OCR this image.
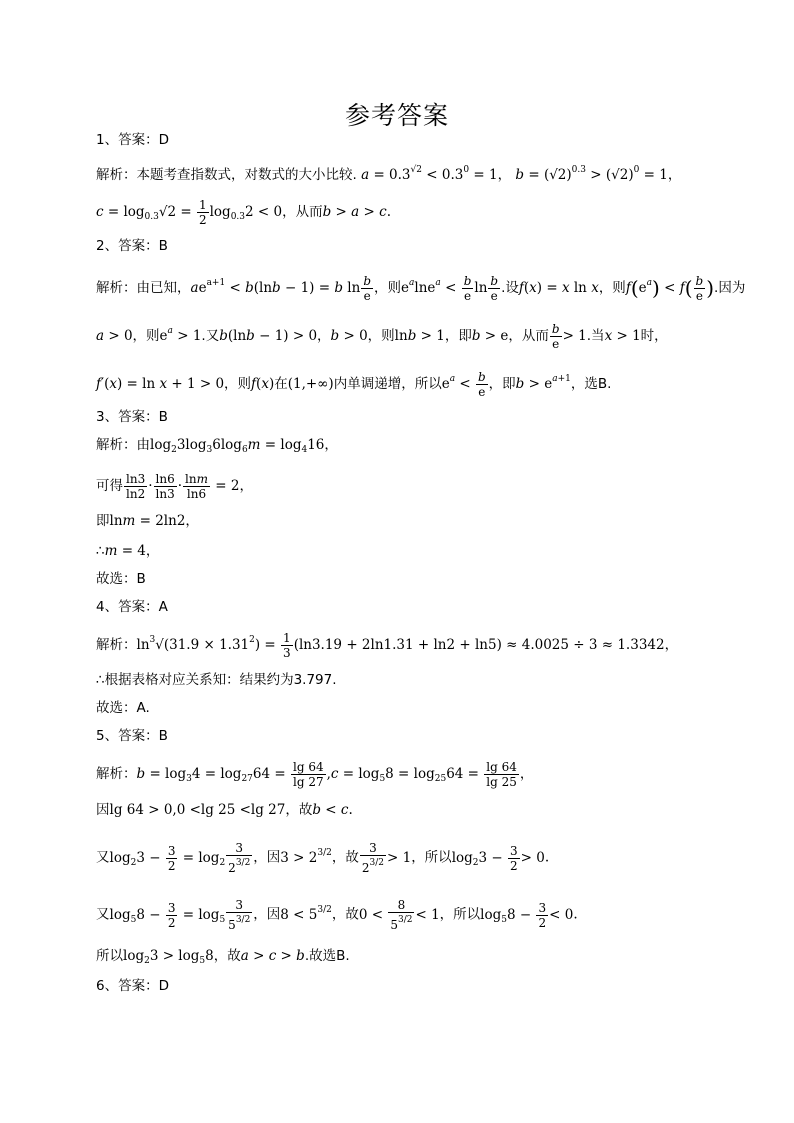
参考答案
1、答案：D
解析：本题考查指数式，对数式的大小比较. $a = 0.3^{√2} < 0.3^0 = 1$， $b = (√2)^{0.3} > (√2)^0 = 1$，
$c = \log_{0.3}√2 = \frac{1}{2} \log_{0.3}2 < 0$，从而b > a > c.
2、答案：B
解析：由已知，$ae^{a+1} < b(\ln b - 1) = b$ $\ln \frac{b}{e}$ ，则$e^a\ln e^a < \frac{b}{e}$ $\ln \frac{b}{e}$ .设f(x) = x ln x，则$f(e^a) < f( \frac{b}{e}$ ).因为
a > 0，则$e^a > 1$.又b(lnb − 1) > 0，b > 0，则lnb > 1，即b > e，从而 $\frac{b}{e} > 1$.当x > 1时，
f′(x) = ln x + 1 > 0，则f(x)在(1,+∞)内单调递增，所以$e^a < \frac{b}{e}$ ，即$b > e^{a+1}$，选B.
3、答案：B
解析：由$\log_23\log_36\log_6m = \log_416$，
可得 $\frac{\ln 3}{\ln 2} \cdot \frac{\ln 6}{\ln 3} \cdot \frac{\ln m}{\ln 6} = 2$，
即lnm = 2ln2，
∴m = 4，
故选：B
4、答案：A
解析：$\ln^3√(31.9 \times 1.31^2) = \frac{1}{3} (\ln 3.19 + 2\ln 1.31 + \ln 2 + \ln 5) \approx 4.0025 \div 3 \approx 1.3342$，
∴根据表格对应关系知：结果约为3.797.
故选：A.
5、答案：B
解析：$b = \log_34 = \log_{27}64 = \frac{\lg 64}{\lg 27} ,c = \log_58 = \log_{25}64 = \frac{\lg 64}{\lg 25}$ ，
因lg 64 > 0,0 <lg 25 <lg 27，故b < c.
又$\log_23 - \frac{3}{2} = \log_2 \frac{3}{2^{3/2}}$ ，因$3 > 2^{3/2}$，故 $\frac{3}{2^{3/2}} > 1$，所以$\log_23 - \frac{3}{2} > 0$.
又$\log_58 - \frac{3}{2} = \log_5 \frac{3}{5^{3/2}}$ ，因$8 < 5^{3/2}$，故$0 < \frac{8}{5^{3/2}} < 1$，所以$\log_58 - \frac{3}{2} < 0$.
所以$\log_23 > \log_58$，故a > c > b.故选B.
6、答案：D
